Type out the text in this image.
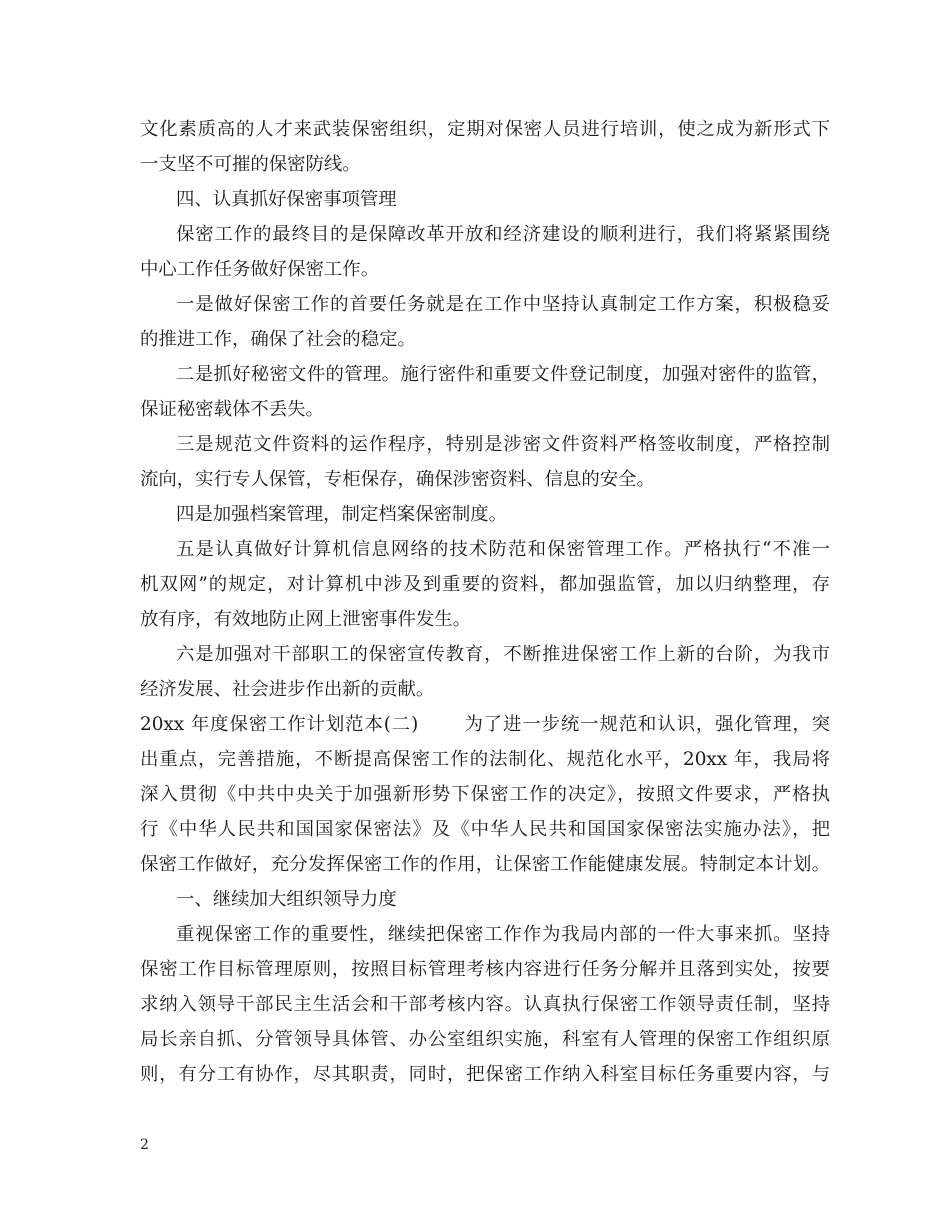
文化素质高的人才来武装保密组织，定期对保密人员进行培训，使之成为新形式下
一支坚不可摧的保密防线。
四、认真抓好保密事项管理
保密工作的最终目的是保障改革开放和经济建设的顺利进行，我们将紧紧围绕
中心工作任务做好保密工作。
一是做好保密工作的首要任务就是在工作中坚持认真制定工作方案，积极稳妥
的推进工作，确保了社会的稳定。
二是抓好秘密文件的管理。施行密件和重要文件登记制度，加强对密件的监管，
保证秘密载体不丢失。
三是规范文件资料的运作程序，特别是涉密文件资料严格签收制度，严格控制
流向，实行专人保管，专柜保存，确保涉密资料、信息的安全。
四是加强档案管理，制定档案保密制度。
五是认真做好计算机信息网络的技术防范和保密管理工作。严格执行“不准一
机双网”的规定，对计算机中涉及到重要的资料，都加强监管，加以归纳整理，存
放有序，有效地防止网上泄密事件发生。
六是加强对干部职工的保密宣传教育，不断推进保密工作上新的台阶，为我市
经济发展、社会进步作出新的贡献。
20xx 年度保密工作计划范本(二)　　 为了进一步统一规范和认识，强化管理，突
出重点，完善措施，不断提高保密工作的法制化、规范化水平，20xx 年，我局将
深入贯彻《中共中央关于加强新形势下保密工作的决定》，按照文件要求，严格执
行《中华人民共和国国家保密法》及《中华人民共和国国家保密法实施办法》，把
保密工作做好，充分发挥保密工作的作用，让保密工作能健康发展。特制定本计划。
一、继续加大组织领导力度
重视保密工作的重要性，继续把保密工作作为我局内部的一件大事来抓。坚持
保密工作目标管理原则，按照目标管理考核内容进行任务分解并且落到实处，按要
求纳入领导干部民主生活会和干部考核内容。认真执行保密工作领导责任制，坚持
局长亲自抓、分管领导具体管、办公室组织实施，科室有人管理的保密工作组织原
则，有分工有协作，尽其职责，同时，把保密工作纳入科室目标任务重要内容，与
2
